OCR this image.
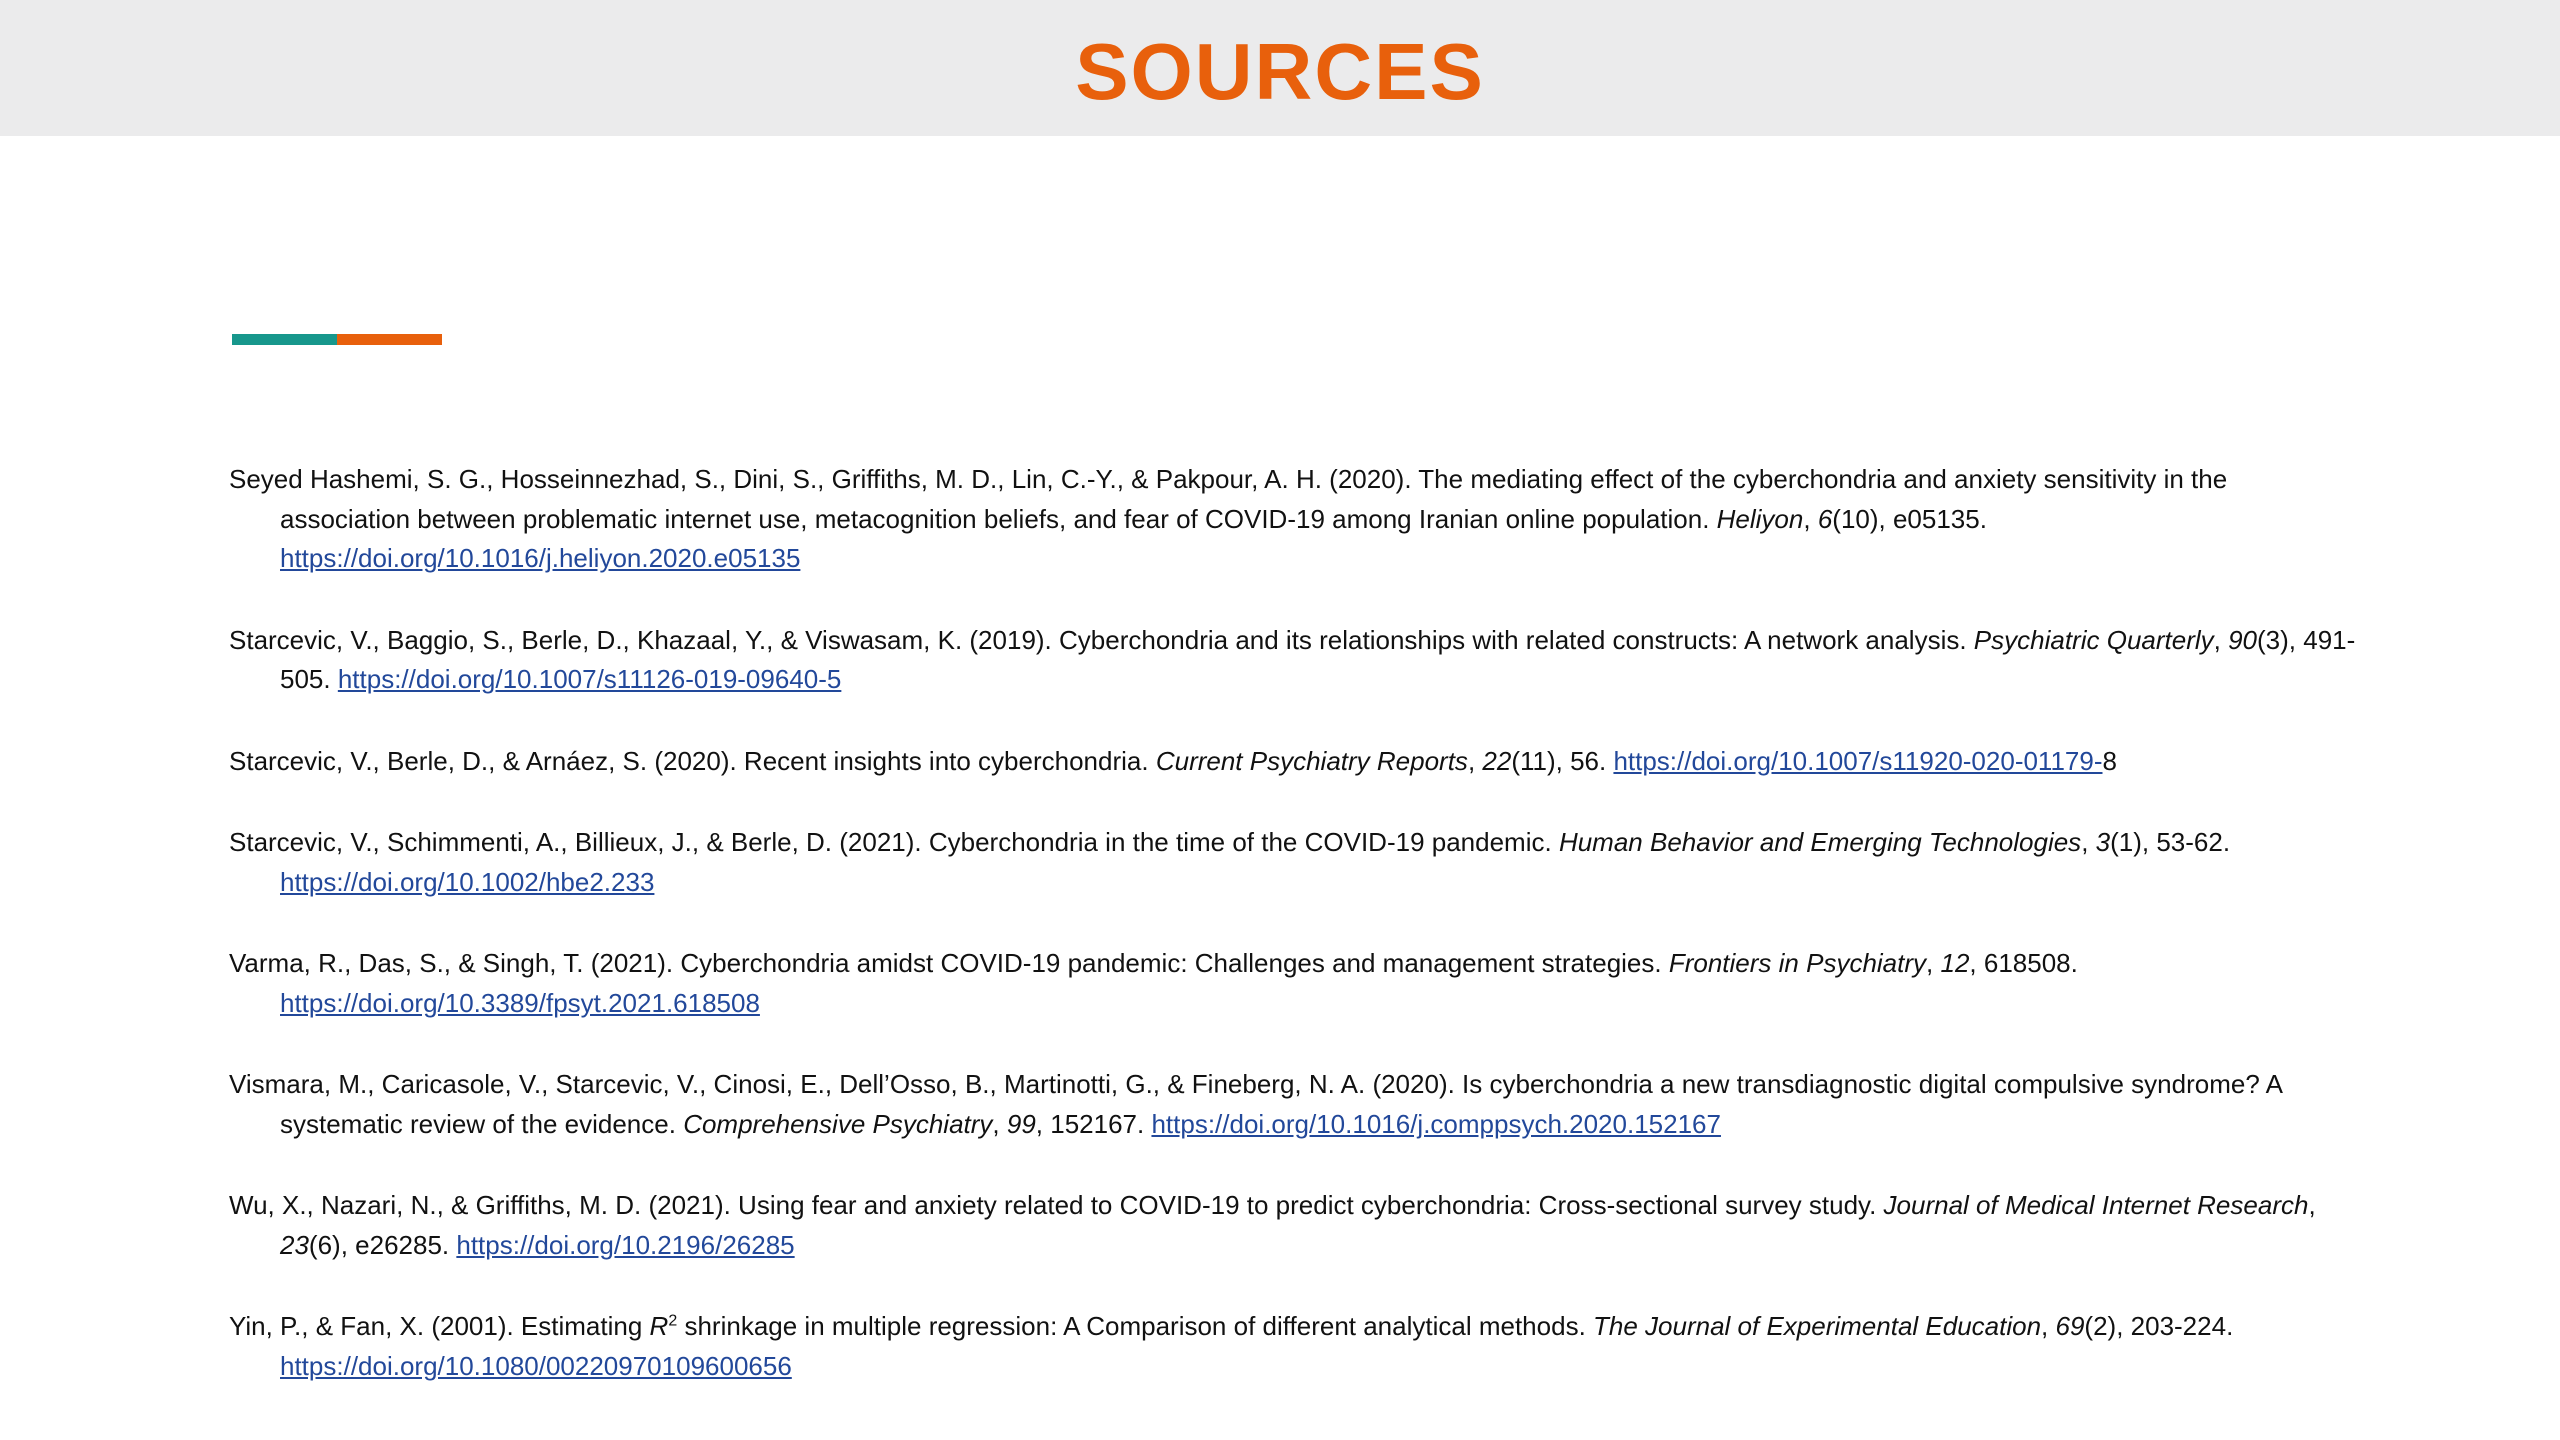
SOURCES
Seyed Hashemi, S. G., Hosseinnezhad, S., Dini, S., Griffiths, M. D., Lin, C.-Y., & Pakpour, A. H. (2020). The mediating effect of the cyberchondria and anxiety sensitivity in the association between problematic internet use, metacognition beliefs, and fear of COVID-19 among Iranian online population. Heliyon, 6(10), e05135. https://doi.org/10.1016/j.heliyon.2020.e05135
Starcevic, V., Baggio, S., Berle, D., Khazaal, Y., & Viswasam, K. (2019). Cyberchondria and its relationships with related constructs: A network analysis. Psychiatric Quarterly, 90(3), 491-505. https://doi.org/10.1007/s11126-019-09640-5
Starcevic, V., Berle, D., & Arnáez, S. (2020). Recent insights into cyberchondria. Current Psychiatry Reports, 22(11), 56. https://doi.org/10.1007/s11920-020-01179-8
Starcevic, V., Schimmenti, A., Billieux, J., & Berle, D. (2021). Cyberchondria in the time of the COVID-19 pandemic. Human Behavior and Emerging Technologies, 3(1), 53-62. https://doi.org/10.1002/hbe2.233
Varma, R., Das, S., & Singh, T. (2021). Cyberchondria amidst COVID-19 pandemic: Challenges and management strategies. Frontiers in Psychiatry, 12, 618508. https://doi.org/10.3389/fpsyt.2021.618508
Vismara, M., Caricasole, V., Starcevic, V., Cinosi, E., Dell’Osso, B., Martinotti, G., & Fineberg, N. A. (2020). Is cyberchondria a new transdiagnostic digital compulsive syndrome? A systematic review of the evidence. Comprehensive Psychiatry, 99, 152167. https://doi.org/10.1016/j.comppsych.2020.152167
Wu, X., Nazari, N., & Griffiths, M. D. (2021). Using fear and anxiety related to COVID-19 to predict cyberchondria: Cross-sectional survey study. Journal of Medical Internet Research, 23(6), e26285. https://doi.org/10.2196/26285
Yin, P., & Fan, X. (2001). Estimating $R^2$ shrinkage in multiple regression: A Comparison of different analytical methods. The Journal of Experimental Education, 69(2), 203-224. https://doi.org/10.1080/00220970109600656
